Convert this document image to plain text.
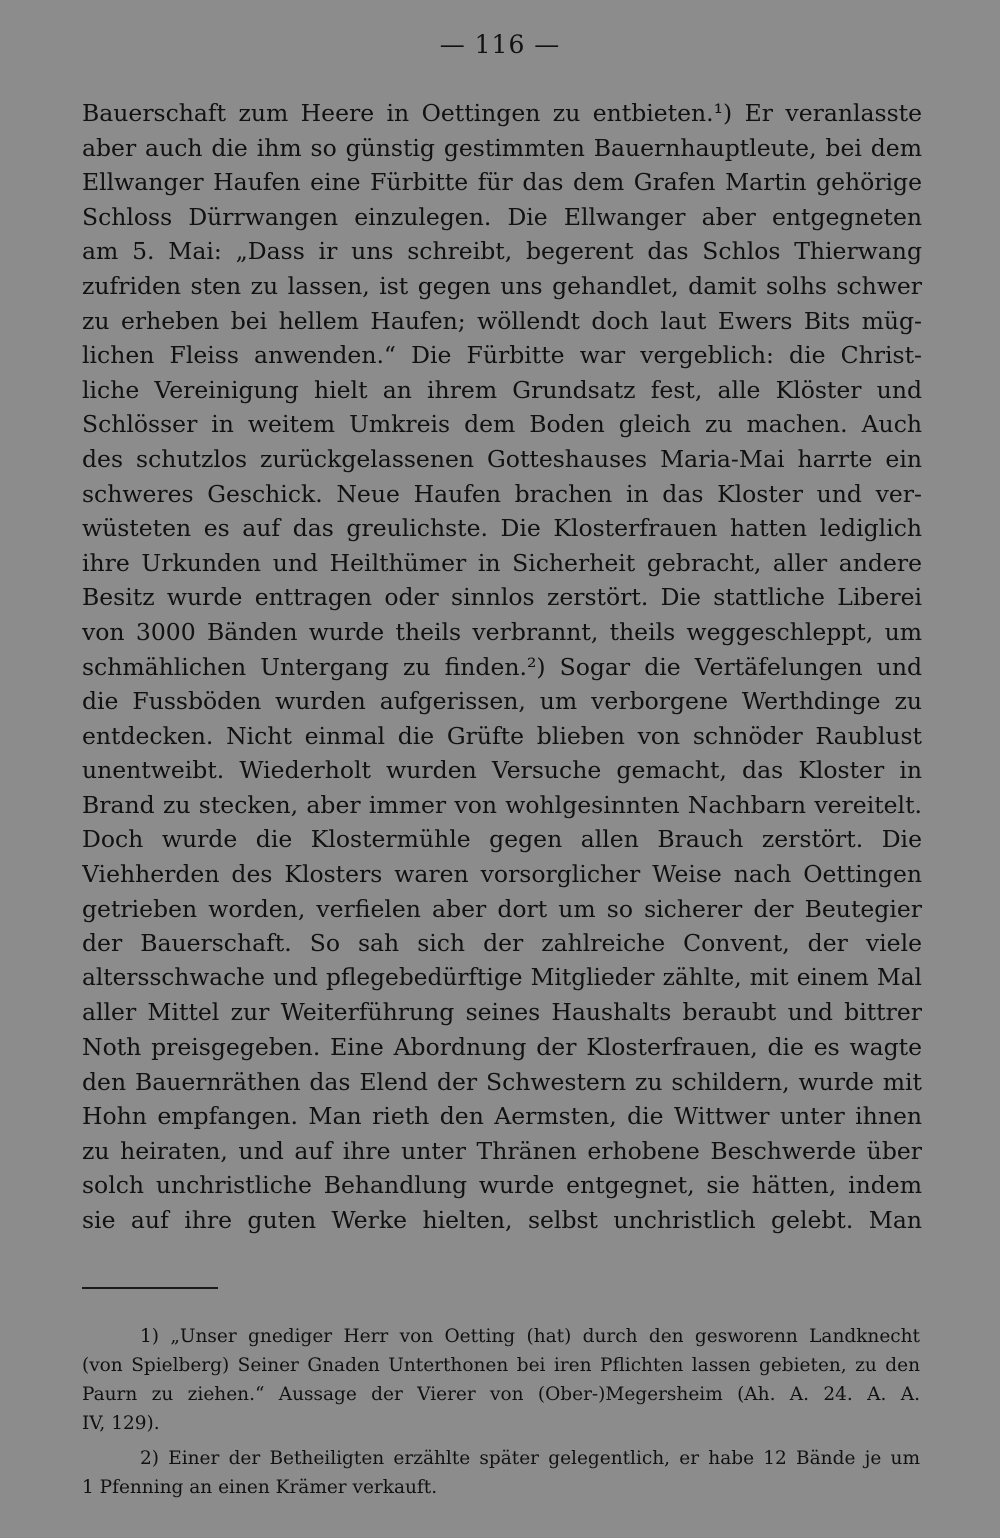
— 116 —
Bauerschaft zum Heere in Oettingen zu entbieten.¹) Er veranlasste
aber auch die ihm so günstig gestimmten Bauernhauptleute, bei dem
Ellwanger Haufen eine Fürbitte für das dem Grafen Martin gehörige
Schloss Dürrwangen einzulegen. Die Ellwanger aber entgegneten
am 5. Mai: „Dass ir uns schreibt, begerent das Schlos Thierwang
zufriden sten zu lassen, ist gegen uns gehandlet, damit solhs schwer
zu erheben bei hellem Haufen; wöllendt doch laut Ewers Bits müg-
lichen Fleiss anwenden.“ Die Fürbitte war vergeblich: die Christ-
liche Vereinigung hielt an ihrem Grundsatz fest, alle Klöster und
Schlösser in weitem Umkreis dem Boden gleich zu machen. Auch
des schutzlos zurückgelassenen Gotteshauses Maria-Mai harrte ein
schweres Geschick. Neue Haufen brachen in das Kloster und ver-
wüsteten es auf das greulichste. Die Klosterfrauen hatten lediglich
ihre Urkunden und Heilthümer in Sicherheit gebracht, aller andere
Besitz wurde enttragen oder sinnlos zerstört. Die stattliche Liberei
von 3000 Bänden wurde theils verbrannt, theils weggeschleppt, um
schmählichen Untergang zu finden.²) Sogar die Vertäfelungen und
die Fussböden wurden aufgerissen, um verborgene Werthdinge zu
entdecken. Nicht einmal die Grüfte blieben von schnöder Raublust
unentweibt. Wiederholt wurden Versuche gemacht, das Kloster in
Brand zu stecken, aber immer von wohlgesinnten Nachbarn vereitelt.
Doch wurde die Klostermühle gegen allen Brauch zerstört. Die
Viehherden des Klosters waren vorsorglicher Weise nach Oettingen
getrieben worden, verfielen aber dort um so sicherer der Beutegier
der Bauerschaft. So sah sich der zahlreiche Convent, der viele
altersschwache und pflegebedürftige Mitglieder zählte, mit einem Mal
aller Mittel zur Weiterführung seines Haushalts beraubt und bittrer
Noth preisgegeben. Eine Abordnung der Klosterfrauen, die es wagte
den Bauernräthen das Elend der Schwestern zu schildern, wurde mit
Hohn empfangen. Man rieth den Aermsten, die Wittwer unter ihnen
zu heiraten, und auf ihre unter Thränen erhobene Beschwerde über
solch unchristliche Behandlung wurde entgegnet, sie hätten, indem
sie auf ihre guten Werke hielten, selbst unchristlich gelebt. Man
1) „Unser gnediger Herr von Oetting (hat) durch den gesworenn Landknecht
(von Spielberg) Seiner Gnaden Unterthonen bei iren Pflichten lassen gebieten, zu den
Paurn zu ziehen.“ Aussage der Vierer von (Ober-)Megersheim (Ah. A. 24. A. A.
IV, 129).
2) Einer der Betheiligten erzählte später gelegentlich, er habe 12 Bände je um
1 Pfenning an einen Krämer verkauft.
